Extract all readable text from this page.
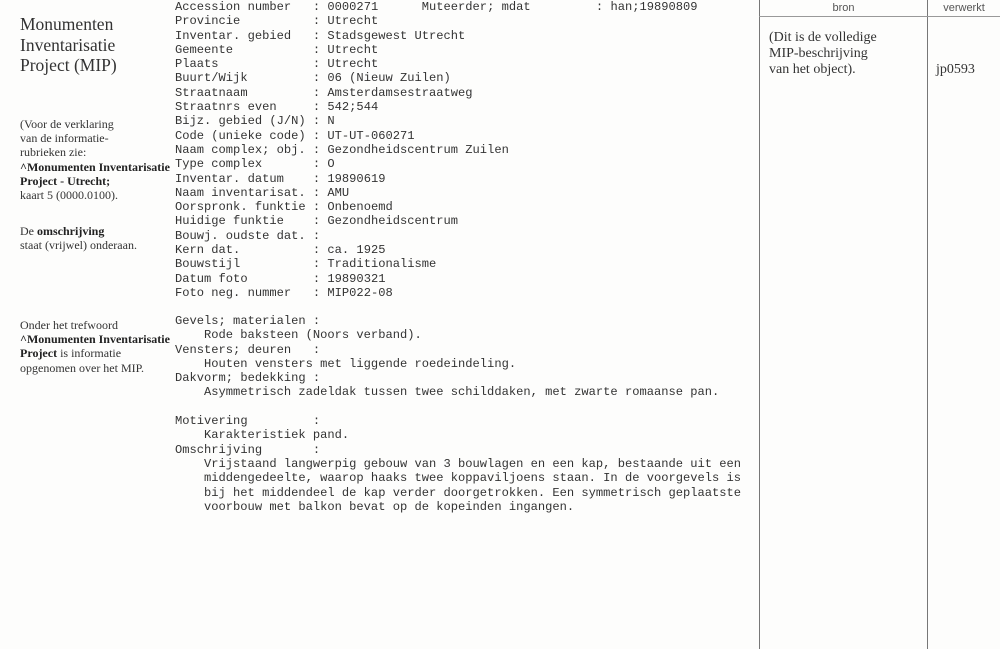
Monumenten
Inventarisatie
Project (MIP)
(Voor de verklaring
van de informatie-
rubrieken zie:
^Monumenten Inventarisatie
Project - Utrecht;
kaart 5 (0000.0100).
De omschrijving
staat (vrijwel) onderaan.
Onder het trefwoord
^Monumenten Inventarisatie
Project is informatie
opgenomen over het MIP.
Accession number : 0000271	Muteerder; mdat	: han;19890809
Provincie	: Utrecht
Inventar. gebied : Stadsgewest Utrecht
Gemeente	: Utrecht
Plaats	: Utrecht
Buurt/Wijk	: 06 (Nieuw Zuilen)
Straatnaam	: Amsterdamsestraatweg
Straatnrs even	: 542;544
Bijz. gebied (J/N) : N
Code (unieke code) : UT-UT-060271
Naam complex; obj. : Gezondheidscentrum Zuilen
Type complex	: O
Inventar. datum : 19890619
Naam inventarisat. : AMU
Oorspronk. funktie : Onbenoemd
Huidige funktie : Gezondheidscentrum
Bouwj. oudste dat. :
Kern dat.	: ca. 1925
Bouwstijl	: Traditionalisme
Datum foto	: 19890321
Foto neg. nummer : MIP022-08
Gevels; materialen :
Rode baksteen (Noors verband).
Vensters; deuren   :
Houten vensters met liggende roedeindeling.
Dakvorm; bedekking :
Asymmetrisch zadeldak tussen twee schilddaken, met zwarte romaanse pan.
Motivering         :
Karakteristiek pand.
Omschrijving       :
Vrijstaand langwerpig gebouw van 3 bouwlagen en een kap, bestaande uit een
middengedeelte, waarop haaks twee koppaviljoens staan. In de voorgevels is
bij het middendeel de kap verder doorgetrokken. Een symmetrisch geplaatste
voorbouw met balkon bevat op de kopeinden ingangen.
bron	verwerkt
(Dit is de volledige
MIP-beschrijving
van het object).	jp0593
